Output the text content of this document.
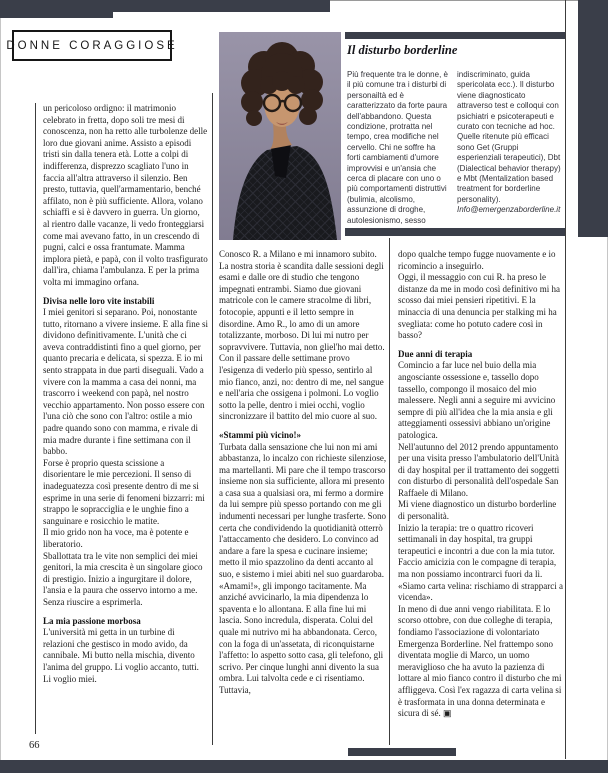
DONNE CORAGGIOSE	Il disturbo borderline
Più frequente tra le donne, è il più comune tra i disturbi di personailtà ed è caratterizzato da forte paura dell'abbandono. Questa condizione, protratta nel tempo, crea modifiche nel cervello. Chi ne soffre ha forti cambiamenti d'umore improvvisi e un'ansia che cerca di placare con uno o più comportamenti distruttivi (bulimia, alcolismo, assunzione di droghe, autolesionismo, sesso
indiscriminato, guida spericolata ecc.). Il disturbo viene diagnosticato attraverso test e colloqui con psichiatri e psicoterapeuti e curato con tecniche ad hoc. Quelle ritenute più efficaci sono Get (Gruppi esperienziali terapeutici), Dbt (Dialectical behavior therapy) e Mbt (Mentalization based treatment for borderline personality).
Info@emergenzaborderline.it

un pericoloso ordigno: il matrimonio celebrato in fretta, dopo soli tre mesi di conoscenza, non ha retto alle turbolenze delle loro due giovani anime. Assisto a episodi tristi sin dalla tenera età. Lotte a colpi di indifferenza, disprezzo scagliato l'uno in faccia all'altra attraverso il silenzio. Ben presto, tuttavia, quell'armamentario, benché affilato, non è più sufficiente. Allora, volano schiaffi e si è davvero in guerra. Un giorno, al rientro dalle vacanze, li vedo fronteggiarsi come mai avevano fatto, in un crescendo di pugni, calci e ossa frantumate. Mamma implora pietà, e papà, con il volto trasfigurato dall'ira, chiama l'ambulanza. E per la prima volta mi immagino orfana.

Divisa nelle loro vite instabili

I miei genitori si separano. Poi, nonostante tutto, ritornano a vivere insieme. E alla fine si dividono definitivamente. L'unità che ci aveva contraddistinti fino a quel giorno, per quanto precaria e delicata, si spezza. E io mi sento strappata in due parti diseguali. Vado a vivere con la mamma a casa dei nonni, ma trascorro i weekend con papà, nel nostro vecchio appartamento. Non posso essere con l'una ciò che sono con l'altro: ostile a mio padre quando sono con mamma, e rivale di mia madre durante i fine settimana con il babbo.

Forse è proprio questa scissione a disorientare le mie percezioni. Il senso di inadeguatezza così presente dentro di me si esprime in una serie di fenomeni bizzarri: mi strappo le sopracciglia e le unghie fino a sanguinare e rosicchio le matite.

Il mio grido non ha voce, ma è potente e liberatorio.

Sballottata tra le vite non semplici dei miei genitori, la mia crescita è un singolare gioco di prestigio. Inizio a ingurgitare il dolore, l'ansia e la paura che osservo intorno a me. Senza riuscire a esprimerla.

La mia passione morbosa

L'università mi getta in un turbine di relazioni che gestisco in modo avido, da cannibale. Mi butto nella mischia, divento l'anima del gruppo. Li voglio accanto, tutti. Li voglio miei.

Conosco R. a Milano e mi innamoro subito. La nostra storia è scandita dalle sessioni degli esami e dalle ore di studio che tengono impegnati entrambi. Siamo due giovani matricole con le camere stracolme di libri, fotocopie, appunti e il letto sempre in disordine. Amo R., lo amo di un amore totalizzante, morboso. Di lui mi nutro per sopravvivere. Tuttavia, non gliel'ho mai detto.

Con il passare delle settimane provo l'esigenza di vederlo più spesso, sentirlo al mio fianco, anzi, no: dentro di me, nel sangue e nell'aria che ossigena i polmoni. Lo voglio sotto la pelle, dentro i miei occhi, voglio sincronizzare il battito del mio cuore al suo.

«Stammi più vicino!»

Turbata dalla sensazione che lui non mi ami abbastanza, lo incalzo con richieste silenziose, ma martellanti. Mi pare che il tempo trascorso insieme non sia sufficiente, allora mi presento a casa sua a qualsiasi ora, mi fermo a dormire da lui sempre più spesso portando con me gli indumenti necessari per lunghe trasferte. Sono certa che condividendo la quotidianità otterrò l'attaccamento che desidero. Lo convinco ad andare a fare la spesa e cucinare insieme; metto il mio spazzolino da denti accanto al suo, e sistemo i miei abiti nel suo guardaroba. «Amami!», gli impongo tacitamente. Ma anziché avvicinarlo, la mia dipendenza lo spaventa e lo allontana. E alla fine lui mi lascia. Sono incredula, disperata. Colui del quale mi nutrivo mi ha abbandonata. Cerco, con la foga di un'assetata, di riconquistarne l'affetto: lo aspetto sotto casa, gli telefono, gli scrivo. Per cinque lunghi anni divento la sua ombra. Lui talvolta cede e ci risentiamo. Tuttavia,

dopo qualche tempo fugge nuovamente e io ricomincio a inseguirlo.

Oggi, il messaggio con cui R. ha preso le distanze da me in modo così definitivo mi ha scosso dai miei pensieri ripetitivi. E la minaccia di una denuncia per stalking mi ha svegliata: come ho potuto cadere così in basso?

Due anni di terapia

Comincio a far luce nel buio della mia angosciante ossessione e, tassello dopo tassello, compongo il mosaico del mio malessere. Negli anni a seguire mi avvicino sempre di più all'idea che la mia ansia e gli atteggiamenti ossessivi abbiano un'origine patologica.

Nell'autunno del 2012 prendo appuntamento per una visita presso l'ambulatorio dell'Unità di day hospital per il trattamento dei soggetti con disturbo di personalità dell'ospedale San Raffaele di Milano.

Mi viene diagnostico un disturbo borderline di personalità.

Inizio la terapia: tre o quattro ricoveri settimanali in day hospital, tra gruppi terapeutici e incontri a due con la mia tutor. Faccio amicizia con le compagne di terapia, ma non possiamo incontrarci fuori da lì. «Siamo carta velina: rischiamo di strapparci a vicenda».

In meno di due anni vengo riabilitata. E lo scorso ottobre, con due colleghe di terapia, fondiamo l'associazione di volontariato Emergenza Borderline. Nel frattempo sono diventata moglie di Marco, un uomo meraviglioso che ha avuto la pazienza di lottare al mio fianco contro il disturbo che mi affliggeva. Così l'ex ragazza di carta velina si è trasformata in una donna determinata e sicura di sé. ▣

66
